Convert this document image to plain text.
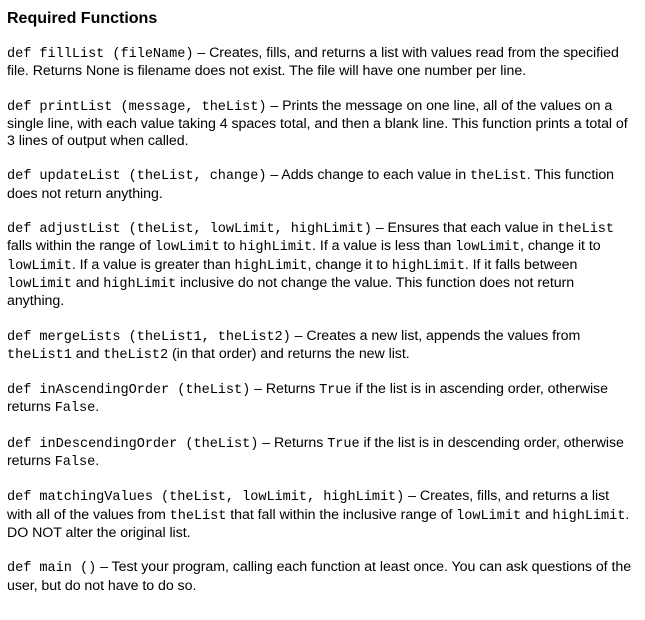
Required Functions

def fillList (fileName) – Creates, fills, and returns a list with values read from the specified file. Returns None is filename does not exist. The file will have one number per line.

def printList (message, theList) – Prints the message on one line, all of the values on a single line, with each value taking 4 spaces total, and then a blank line. This function prints a total of 3 lines of output when called.

def updateList (theList, change) – Adds change to each value in theList. This function does not return anything.

def adjustList (theList, lowLimit, highLimit) – Ensures that each value in theList falls within the range of lowLimit to highLimit. If a value is less than lowLimit, change it to lowLimit. If a value is greater than highLimit, change it to highLimit. If it falls between lowLimit and highLimit inclusive do not change the value. This function does not return anything.

def mergeLists (theList1, theList2) – Creates a new list, appends the values from theList1 and theList2 (in that order) and returns the new list.

def inAscendingOrder (theList) – Returns True if the list is in ascending order, otherwise returns False.

def inDescendingOrder (theList) – Returns True if the list is in descending order, otherwise returns False.

def matchingValues (theList, lowLimit, highLimit) – Creates, fills, and returns a list with all of the values from theList that fall within the inclusive range of lowLimit and highLimit. DO NOT alter the original list.

def main () – Test your program, calling each function at least once. You can ask questions of the user, but do not have to do so.
